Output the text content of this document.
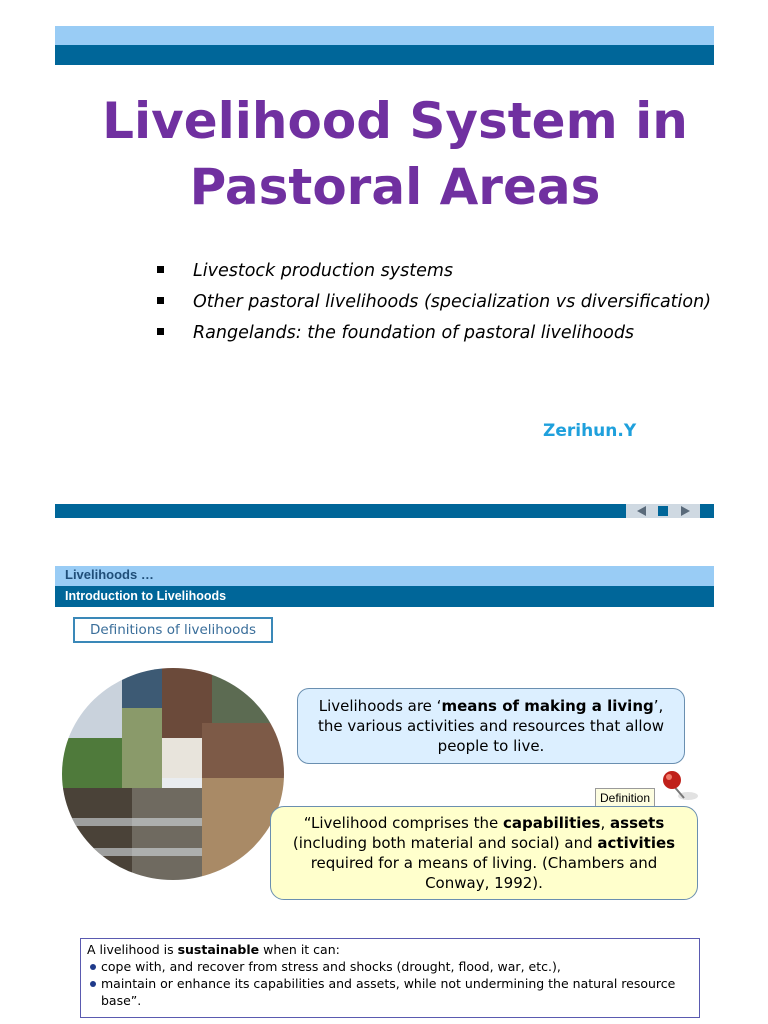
Livelihood System in
Pastoral Areas
Livestock production systems
Other pastoral livelihoods (specialization vs diversification)
Rangelands: the foundation of pastoral livelihoods
Zerihun.Y
Livelihoods …
Introduction to Livelihoods
Definitions of livelihoods
Livelihoods are ‘means of making a living’, the various activities and resources that allow people to live.
Definition
“Livelihood comprises the capabilities, assets (including both material and social) and activities required for a means of living. (Chambers and Conway, 1992).
A livelihood is sustainable when it can:
cope with, and recover from stress and shocks (drought, flood, war, etc.),
maintain or enhance its capabilities and assets, while not undermining the natural resource base”.
